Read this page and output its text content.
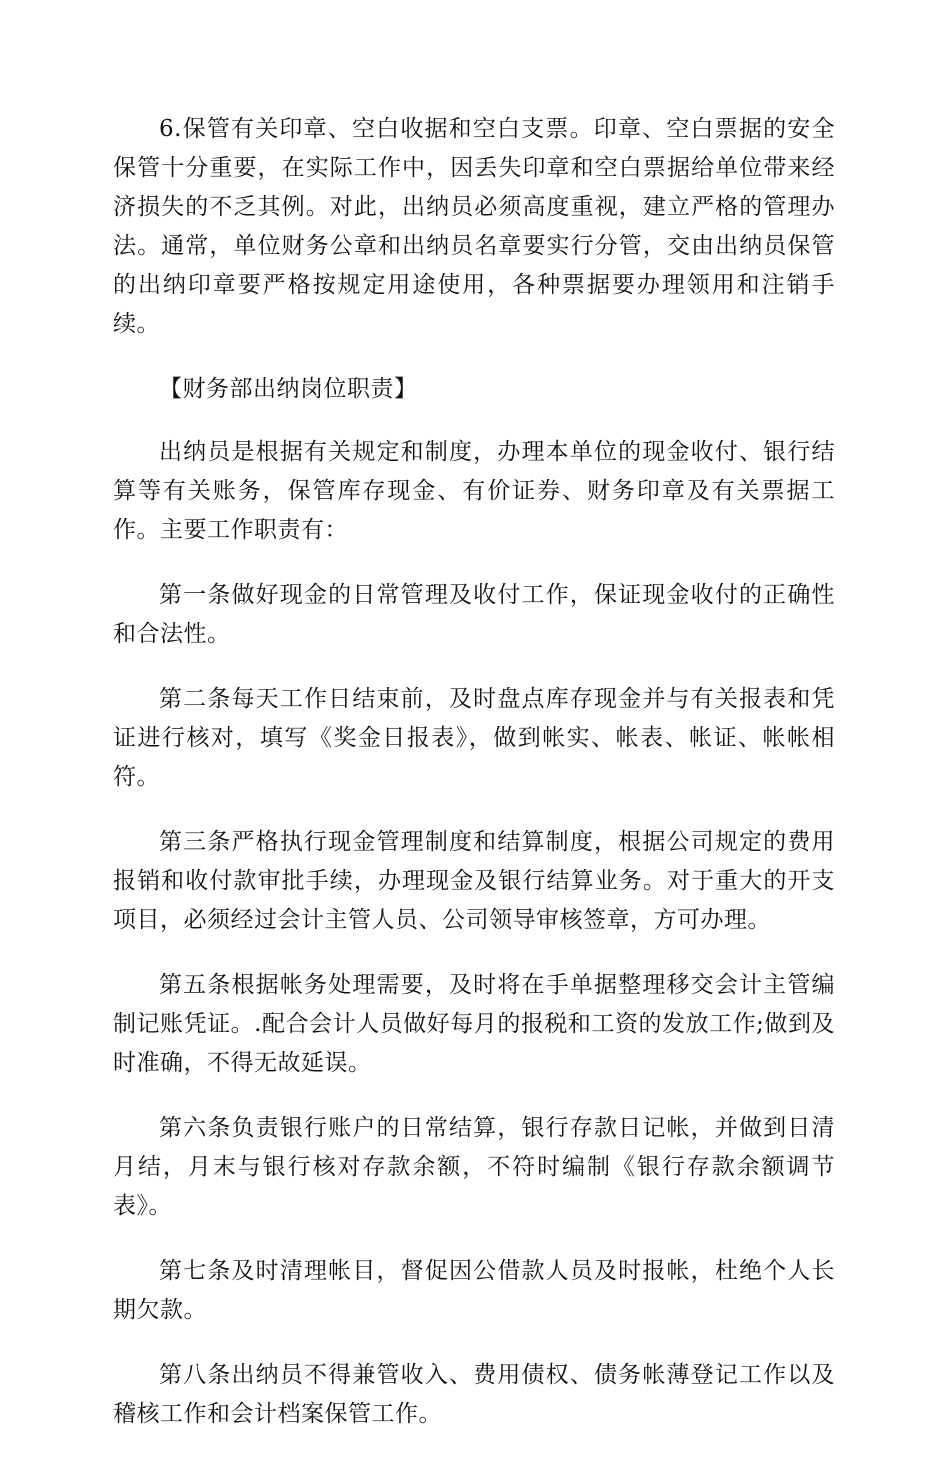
6.保管有关印章、空白收据和空白支票。印章、空白票据的安全保管十分重要，在实际工作中，因丢失印章和空白票据给单位带来经济损失的不乏其例。对此，出纳员必须高度重视，建立严格的管理办法。通常，单位财务公章和出纳员名章要实行分管，交由出纳员保管的出纳印章要严格按规定用途使用，各种票据要办理领用和注销手续。

【财务部出纳岗位职责】

出纳员是根据有关规定和制度，办理本单位的现金收付、银行结算等有关账务，保管库存现金、有价证券、财务印章及有关票据工作。主要工作职责有：

第一条做好现金的日常管理及收付工作，保证现金收付的正确性和合法性。

第二条每天工作日结束前，及时盘点库存现金并与有关报表和凭证进行核对，填写《奖金日报表》，做到帐实、帐表、帐证、帐帐相符。

第三条严格执行现金管理制度和结算制度，根据公司规定的费用报销和收付款审批手续，办理现金及银行结算业务。对于重大的开支项目，必须经过会计主管人员、公司领导审核签章，方可办理。

第五条根据帐务处理需要，及时将在手单据整理移交会计主管编制记账凭证。.配合会计人员做好每月的报税和工资的发放工作;做到及时准确，不得无故延误。

第六条负责银行账户的日常结算，银行存款日记帐，并做到日清月结，月末与银行核对存款余额，不符时编制《银行存款余额调节表》。

第七条及时清理帐目，督促因公借款人员及时报帐，杜绝个人长期欠款。

第八条出纳员不得兼管收入、费用债权、债务帐薄登记工作以及稽核工作和会计档案保管工作。
